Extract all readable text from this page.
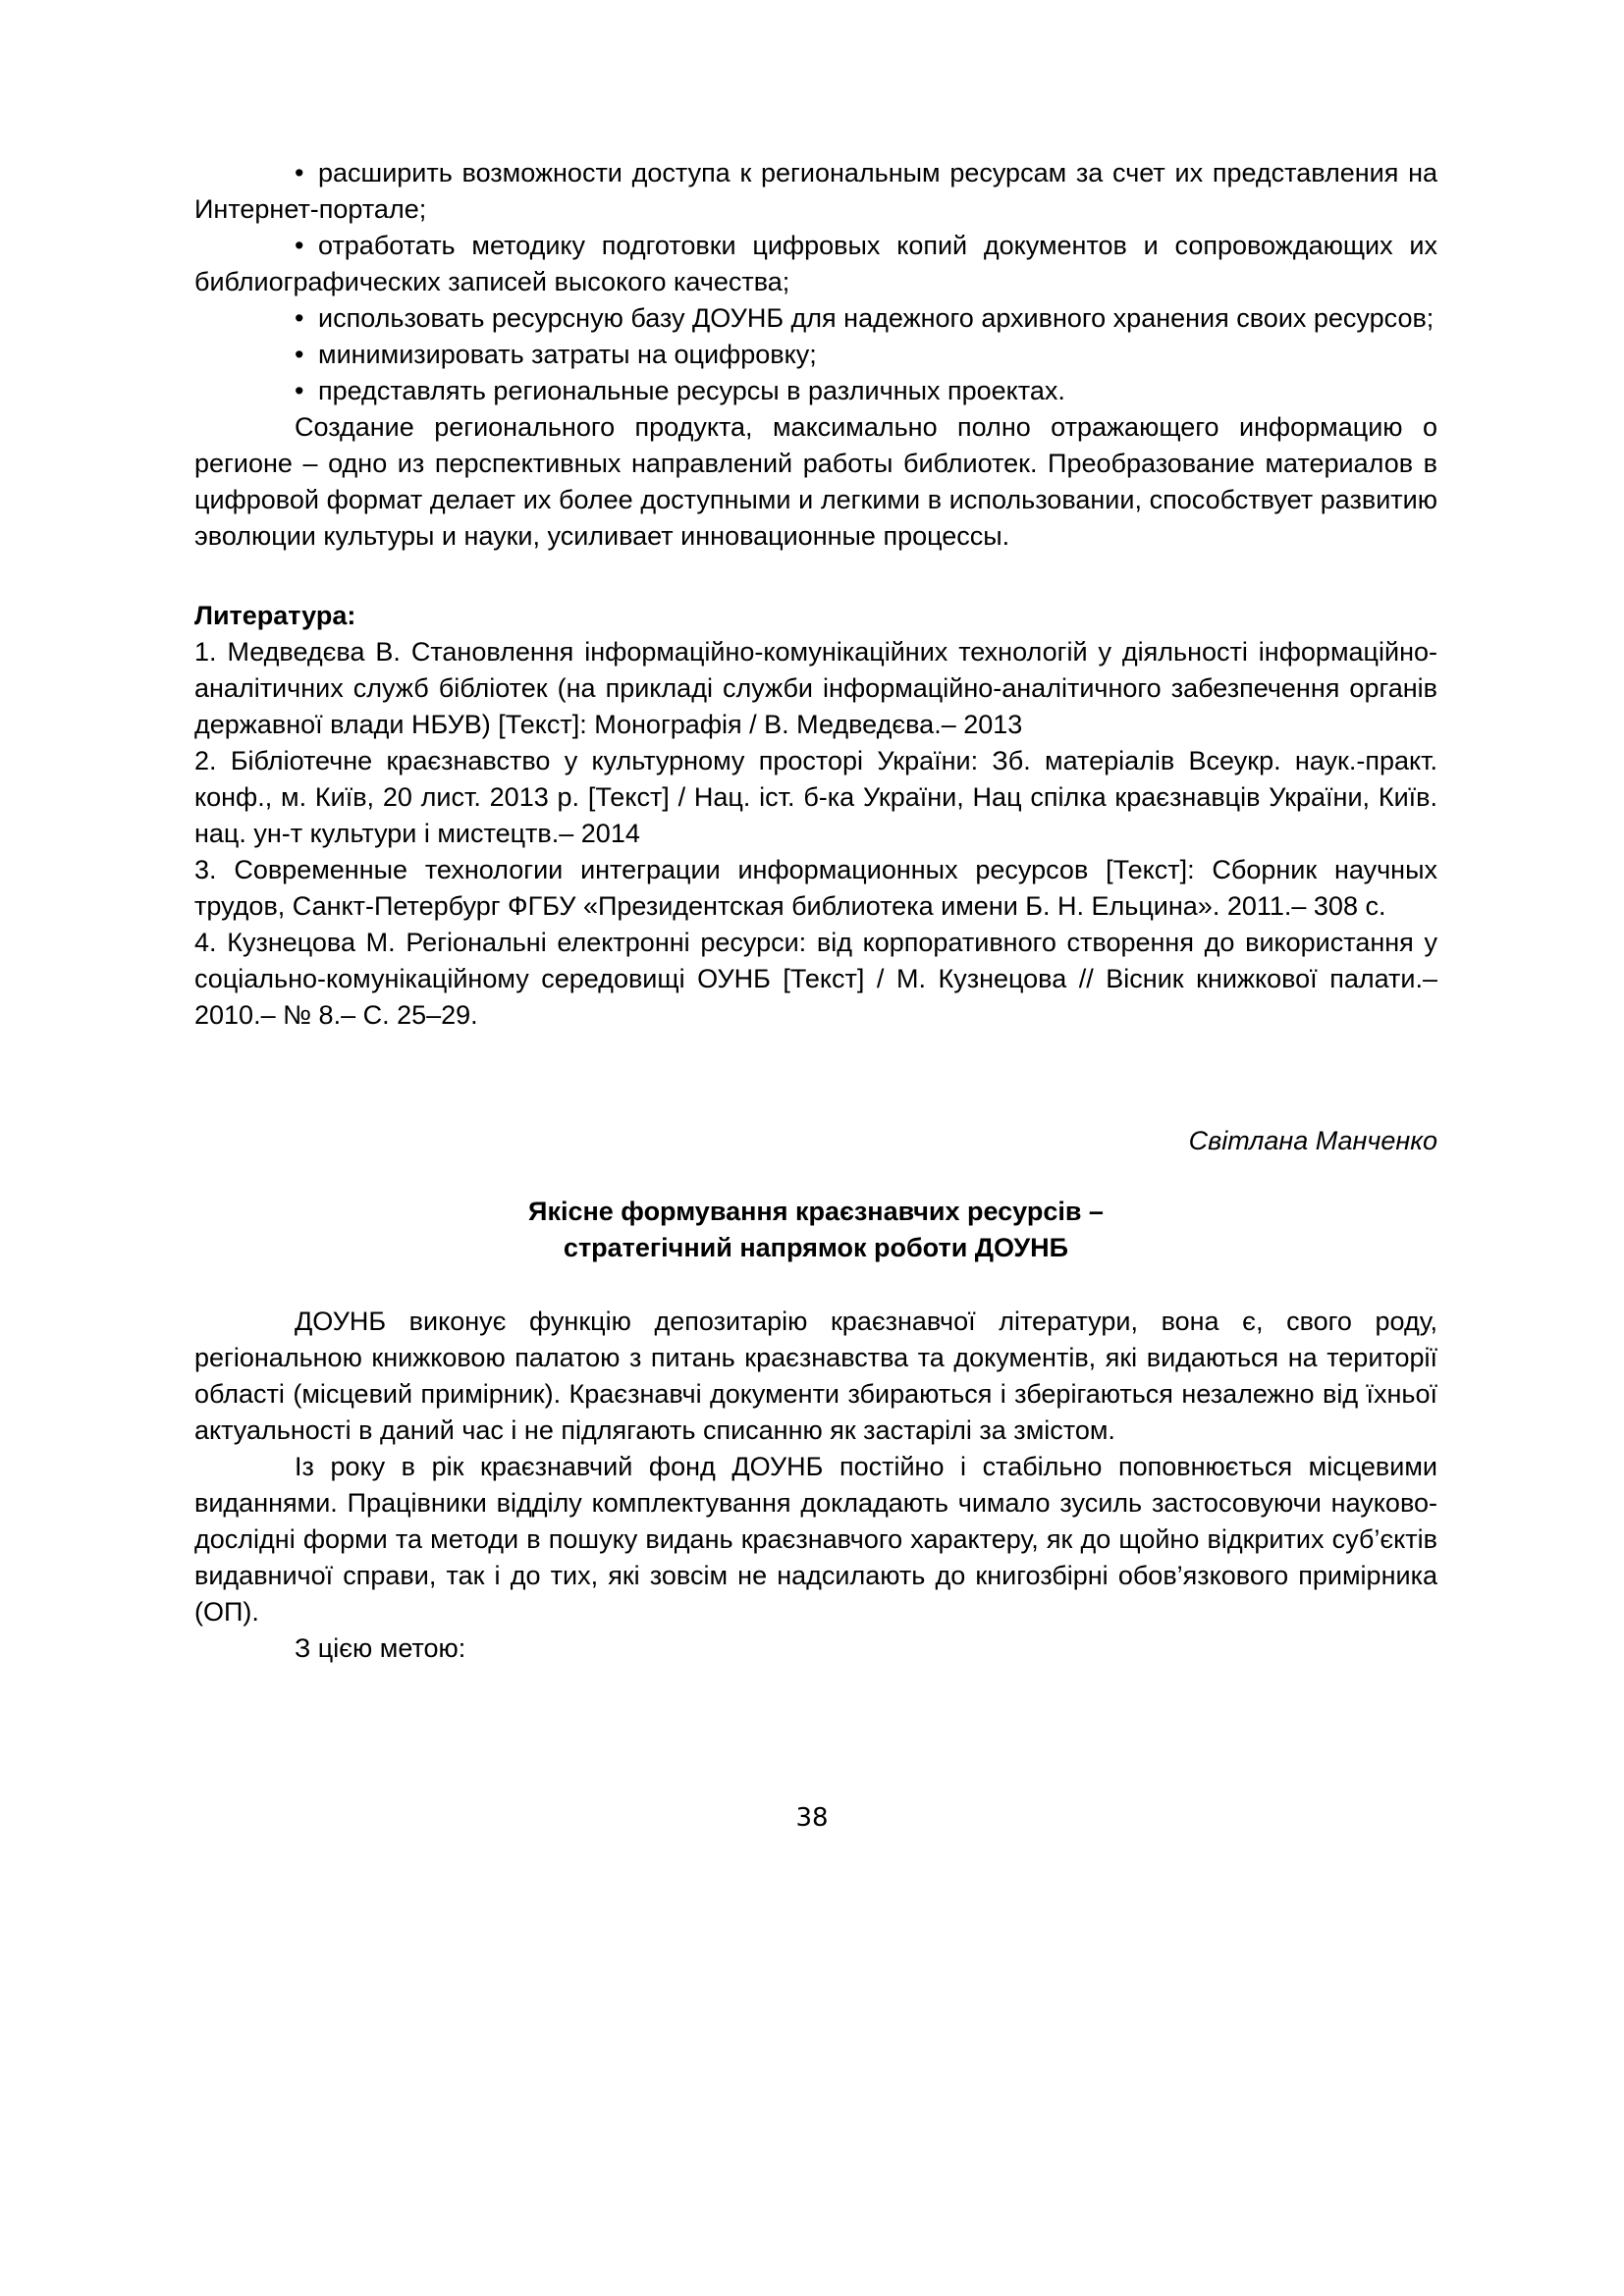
• расширить возможности доступа к региональным ресурсам за счет их представления на Интернет-портале;
• отработать методику подготовки цифровых копий документов и сопровождающих их библиографических записей высокого качества;
• использовать ресурсную базу ДОУНБ для надежного архивного хранения своих ресурсов;
• минимизировать затраты на оцифровку;
• представлять региональные ресурсы в различных проектах.

Создание регионального продукта, максимально полно отражающего информацию о регионе – одно из перспективных направлений работы библиотек. Преобразование материалов в цифровой формат делает их более доступными и легкими в использовании, способствует развитию эволюции культуры и науки, усиливает инновационные процессы.

Литература:
1. Медведєва В. Становлення інформаційно-комунікаційних технологій у діяльності інформаційно-аналітичних служб бібліотек (на прикладі служби інформаційно-аналітичного забезпечення органів державної влади НБУВ) [Текст]: Монографія / В. Медведєва.– 2013
2. Бібліотечне краєзнавство у культурному просторі України: Зб. матеріалів Всеукр. наук.-практ. конф., м. Київ, 20 лист. 2013 р. [Текст] / Нац. іст. б-ка України, Нац спілка краєзнавців України, Київ. нац. ун-т культури і мистецтв.– 2014
3. Современные технологии интеграции информационных ресурсов [Текст]: Сборник научных трудов, Санкт-Петербург ФГБУ «Президентская библиотека имени Б. Н. Ельцина». 2011.– 308 с.
4. Кузнецова М. Регіональні електронні ресурси: від корпоративного створення до використання у соціально-комунікаційному середовищі ОУНБ [Текст] / М. Кузнецова // Вісник книжкової палати.– 2010.– № 8.– С. 25–29.
Світлана Манченко
Якісне формування краєзнавчих ресурсів –
стратегічний напрямок роботи ДОУНБ

ДОУНБ виконує функцію депозитарію краєзнавчої літератури, вона є, свого роду, регіональною книжковою палатою з питань краєзнавства та документів, які видаються на території області (місцевий примірник). Краєзнавчі документи збираються і зберігаються незалежно від їхньої актуальності в даний час і не підлягають списанню як застарілі за змістом.

Із року в рік краєзнавчий фонд ДОУНБ постійно і стабільно поповнюється місцевими виданнями. Працівники відділу комплектування докладають чимало зусиль застосовуючи науково-дослідні форми та методи в пошуку видань краєзнавчого характеру, як до щойно відкритих суб’єктів видавничої справи, так і до тих, які зовсім не надсилають до книгозбірні обов’язкового примірника (ОП).

З цією метою:

38
